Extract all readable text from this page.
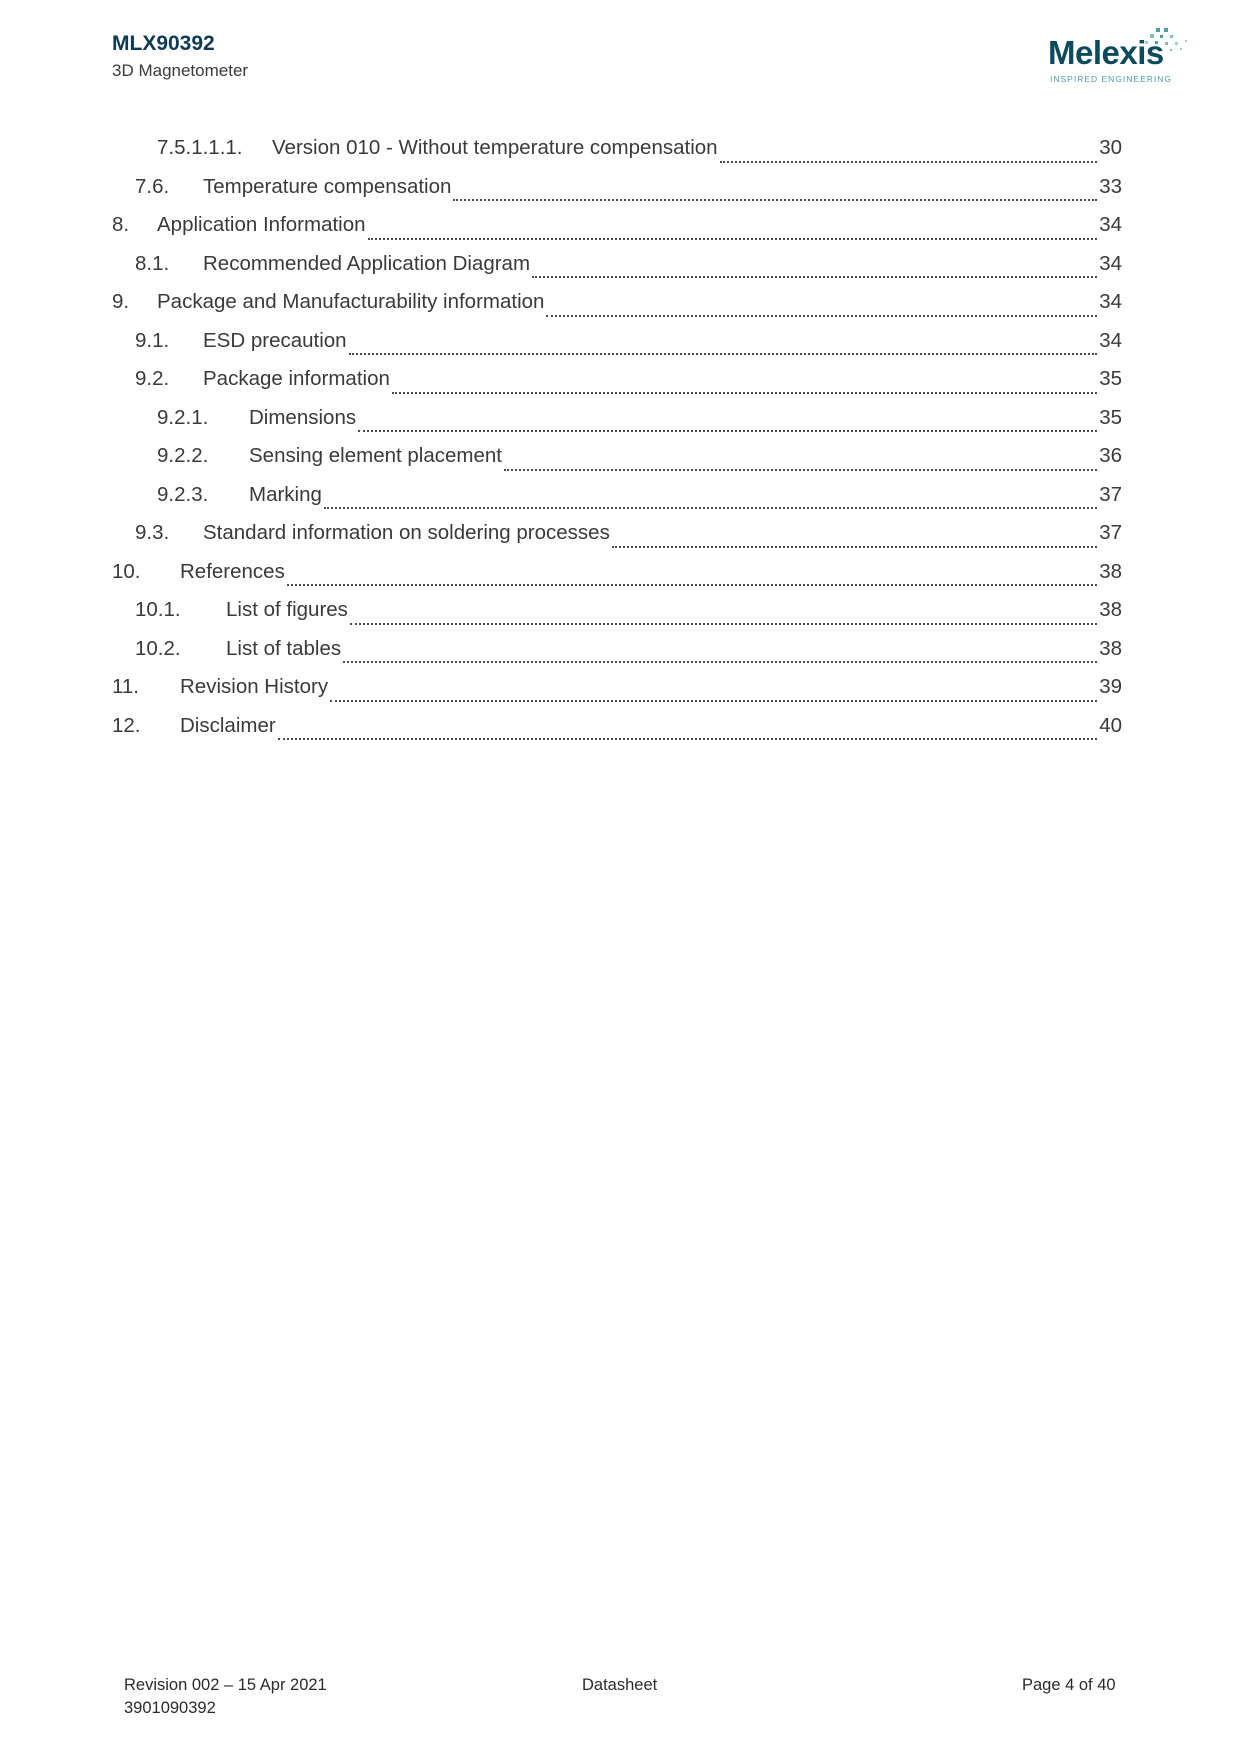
MLX90392
3D Magnetometer	Melexis
INSPIRED ENGINEERING
7.5.1.1.1.	Version 010 - Without temperature compensation	30
7.6.	Temperature compensation	33
8.	Application Information	34
8.1.	Recommended Application Diagram	34
9.	Package and Manufacturability information	34
9.1.	ESD precaution	34
9.2.	Package information	35
9.2.1.	Dimensions	35
9.2.2.	Sensing element placement	36
9.2.3.	Marking	37
9.3.	Standard information on soldering processes	37
10.	References	38
10.1.	List of figures	38
10.2.	List of tables	38
11.	Revision History	39
12.	Disclaimer	40
Revision 002 – 15 Apr 2021
3901090392
Datasheet	Page 4 of 40
